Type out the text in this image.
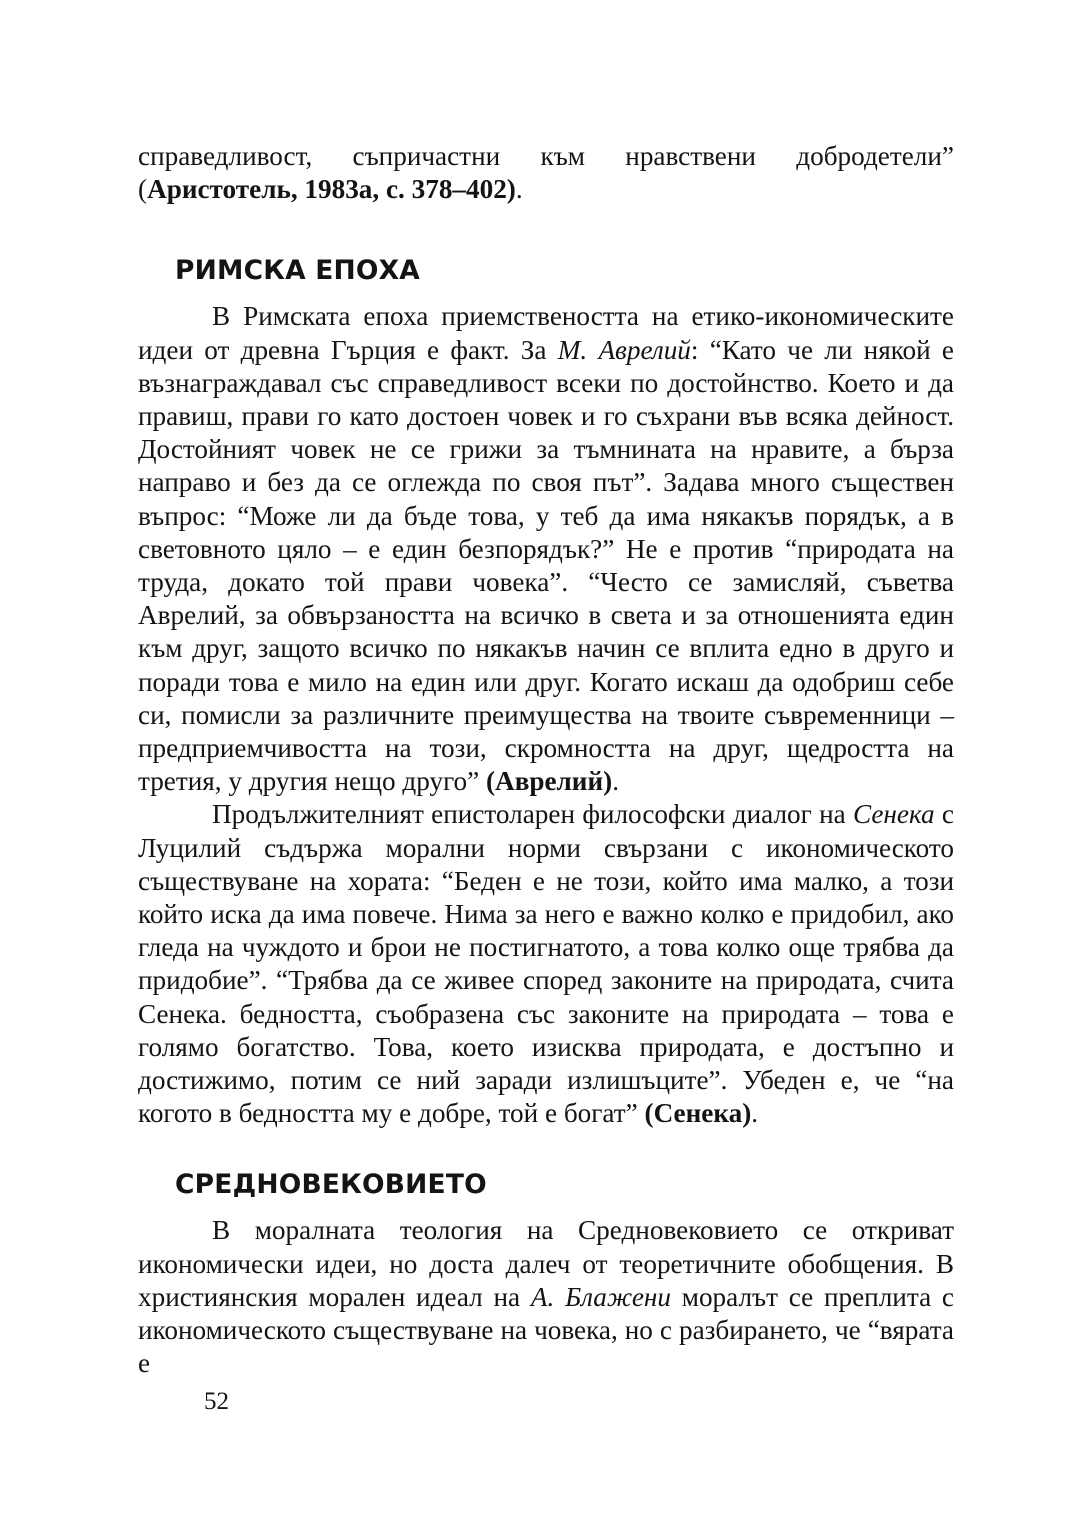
справедливост, съпричастни към нравствени добродетели” (Аристотель, 1983а, с. 378–402).

РИМСКА ЕПОХА

В Римската епоха приемствеността на етико-икономическите идеи от древна Гърция е факт. За М. Аврелий: “Като че ли някой е възнаграждавал със справедливост всеки по достойнство. Което и да правиш, прави го като достоен човек и го съхрани във всяка дейност. Достойният човек не се грижи за тъмнината на нравите, а бърза направо и без да се оглежда по своя път”. Задава много съществен въпрос: “Може ли да бъде това, у теб да има някакъв порядък, а в световното цяло – е един безпорядък?” Не е против “природата на труда, докато той прави човека”. “Често се замисляй, съветва Аврелий, за обвързаността на всичко в света и за отношенията един към друг, защото всичко по някакъв начин се вплита едно в друго и поради това е мило на един или друг. Когато искаш да одобриш себе си, помисли за различните преимущества на твоите съвременници – предприемчивостта на този, скромността на друг, щедростта на третия, у другия нещо друго” (Аврелий).

Продължителният епистоларен философски диалог на Сенека с Луцилий съдържа морални норми свързани с икономическото съществуване на хората: “Беден е не този, който има малко, а този който иска да има повече. Нима за него е важно колко е придобил, ако гледа на чуждото и брои не постигнатото, а това колко още трябва да придобие”. “Трябва да се живее според законите на природата, счита Сенека. бедността, съобразена със законите на природата – това е голямо богатство. Това, което изисква природата, е достъпно и достижимо, потим се ний заради излишъците”. Убеден е, че “на когото в бедността му е добре, той е богат” (Сенека).

СРЕДНОВЕКОВИЕТО

В моралната теология на Средновековието се откриват икономически идеи, но доста далеч от теоретичните обобщения. В християнския морален идеал на А. Блажени моралът се преплита с икономическото съществуване на човека, но с разбирането, че “вярата е

52
